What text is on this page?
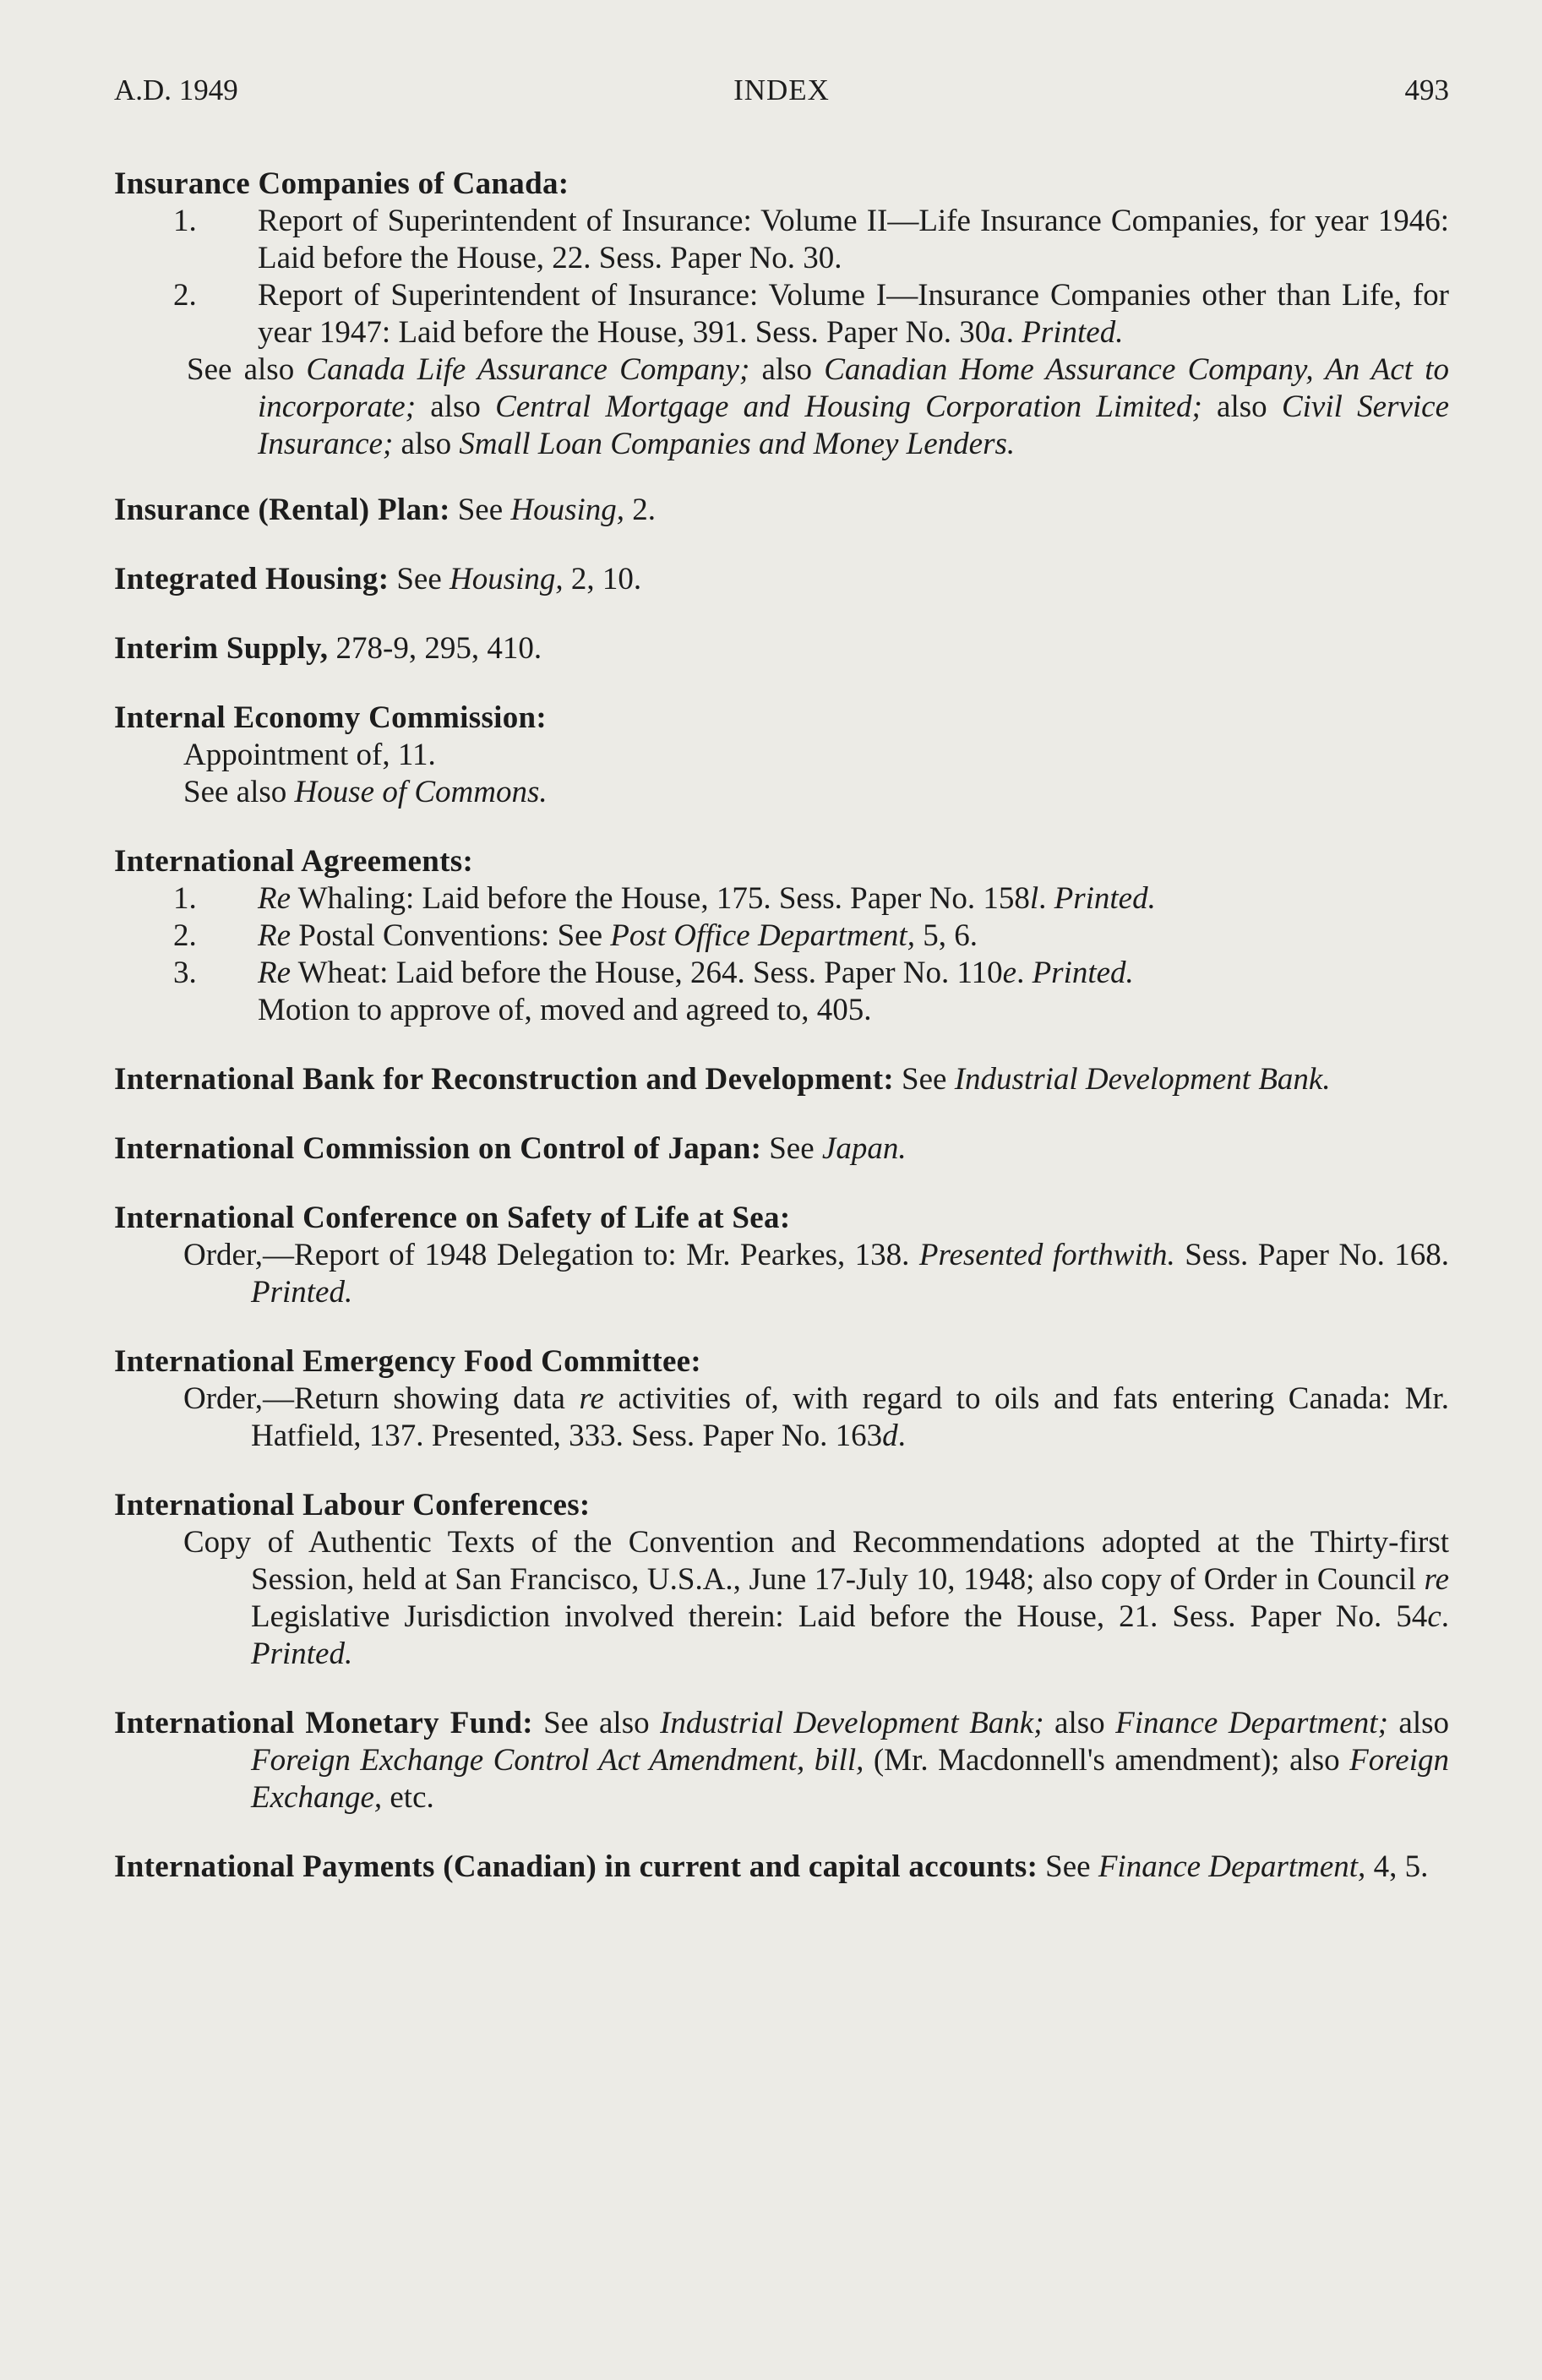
A.D. 1949	INDEX	493
Insurance Companies of Canada:
1.	Report of Superintendent of Insurance: Volume II—Life Insurance Companies, for year 1946: Laid before the House, 22. Sess. Paper No. 30.
2.	Report of Superintendent of Insurance: Volume I—Insurance Companies other than Life, for year 1947: Laid before the House, 391. Sess. Paper No. 30a. Printed.
See also Canada Life Assurance Company; also Canadian Home Assurance Company, An Act to incorporate; also Central Mortgage and Housing Corporation Limited; also Civil Service Insurance; also Small Loan Companies and Money Lenders.
Insurance (Rental) Plan: See Housing, 2.
Integrated Housing: See Housing, 2, 10.
Interim Supply, 278-9, 295, 410.
Internal Economy Commission:
Appointment of, 11.
See also House of Commons.
International Agreements:
1.	Re Whaling: Laid before the House, 175. Sess. Paper No. 158l. Printed.
2.	Re Postal Conventions: See Post Office Department, 5, 6.
3.	Re Wheat: Laid before the House, 264. Sess. Paper No. 110e. Printed.
Motion to approve of, moved and agreed to, 405.
International Bank for Reconstruction and Development: See Industrial Development Bank.
International Commission on Control of Japan: See Japan.
International Conference on Safety of Life at Sea:
Order,—Report of 1948 Delegation to: Mr. Pearkes, 138. Presented forthwith. Sess. Paper No. 168. Printed.
International Emergency Food Committee:
Order,—Return showing data re activities of, with regard to oils and fats entering Canada: Mr. Hatfield, 137. Presented, 333. Sess. Paper No. 163d.
International Labour Conferences:
Copy of Authentic Texts of the Convention and Recommendations adopted at the Thirty-first Session, held at San Francisco, U.S.A., June 17-July 10, 1948; also copy of Order in Council re Legislative Jurisdiction involved therein: Laid before the House, 21. Sess. Paper No. 54c. Printed.
International Monetary Fund: See also Industrial Development Bank; also Finance Department; also Foreign Exchange Control Act Amendment, bill, (Mr. Macdonnell's amendment); also Foreign Exchange, etc.
International Payments (Canadian) in current and capital accounts: See Finance Department, 4, 5.
